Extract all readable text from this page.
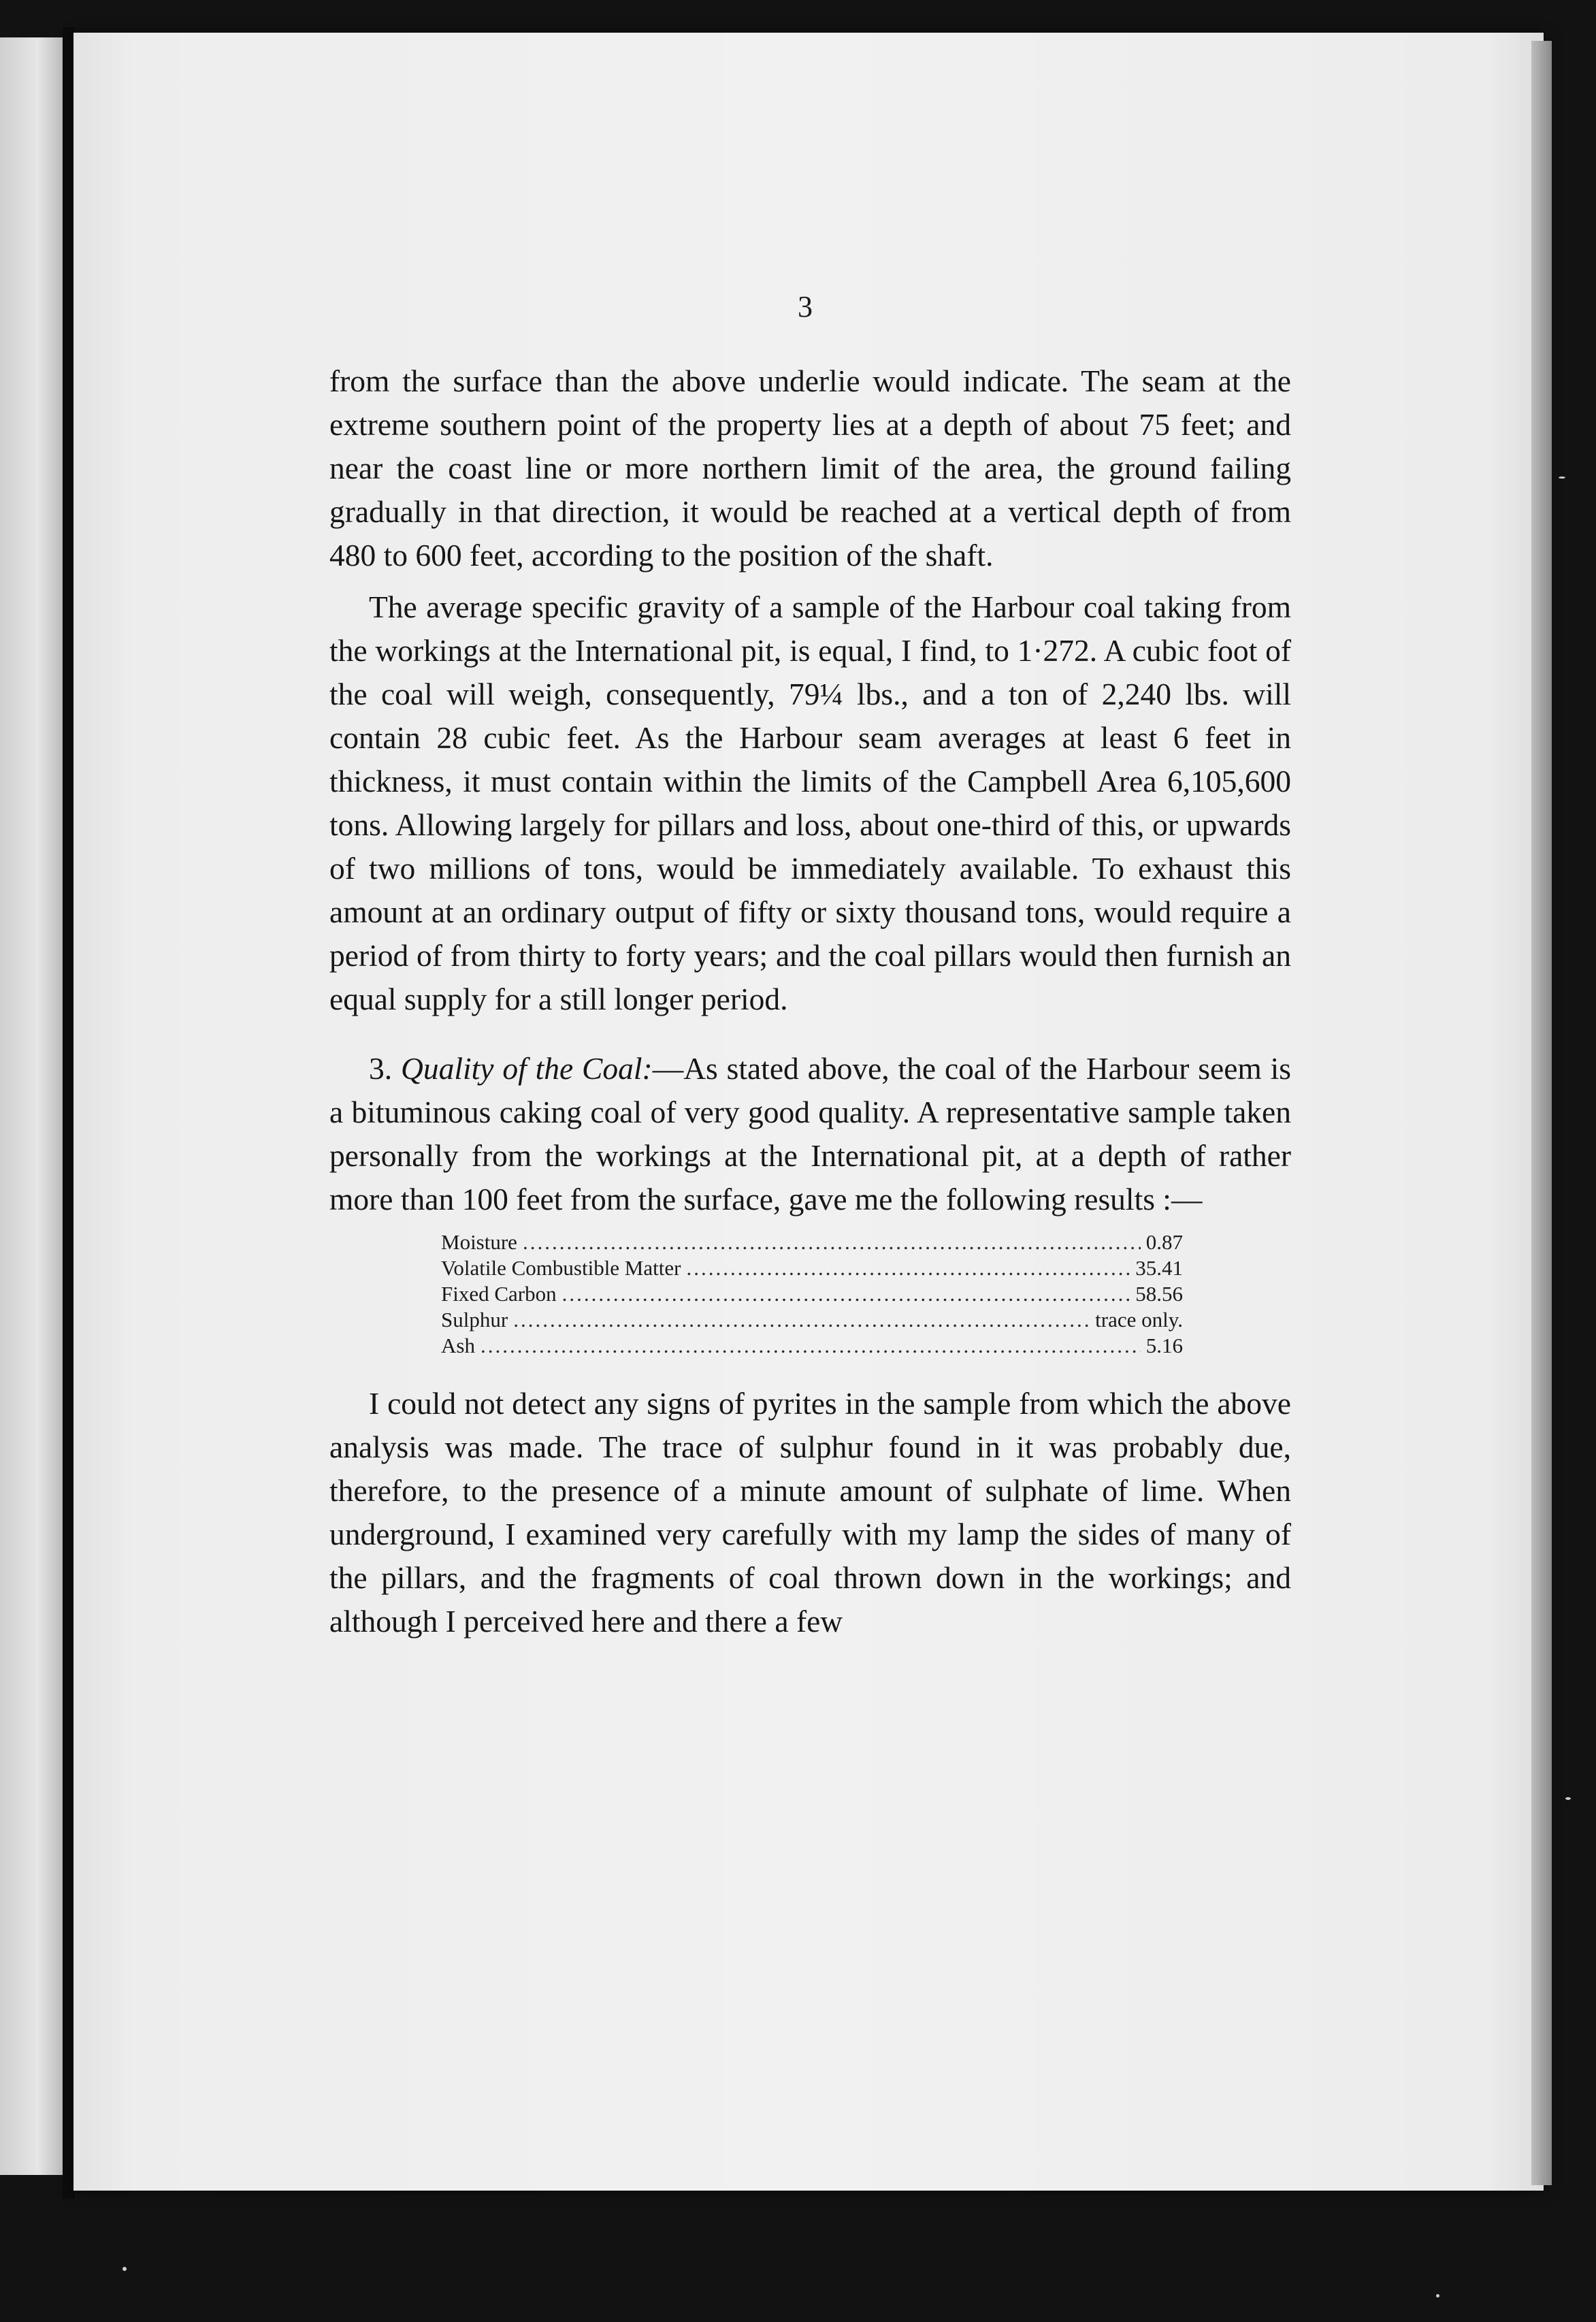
3

from the surface than the above underlie would indicate. The seam at the extreme southern point of the property lies at a depth of about 75 feet; and near the coast line or more northern limit of the area, the ground failing gradually in that direction, it would be reached at a vertical depth of from 480 to 600 feet, according to the position of the shaft.

The average specific gravity of a sample of the Harbour coal taking from the workings at the International pit, is equal, I find, to 1·272. A cubic foot of the coal will weigh, consequently, 79¼ lbs., and a ton of 2,240 lbs. will contain 28 cubic feet. As the Harbour seam averages at least 6 feet in thickness, it must contain within the limits of the Campbell Area 6,105,600 tons. Allowing largely for pillars and loss, about one-third of this, or upwards of two millions of tons, would be immediately available. To exhaust this amount at an ordinary output of fifty or sixty thousand tons, would require a period of from thirty to forty years; and the coal pillars would then furnish an equal supply for a still longer period.

3. Quality of the Coal:—As stated above, the coal of the Harbour seem is a bituminous caking coal of very good quality. A representative sample taken personally from the workings at the International pit, at a depth of rather more than 100 feet from the surface, gave me the following results :—

Moisture .....	0.87
Volatile Combustible Matter .....	35.41
Fixed Carbon .....	58.56
Sulphur .....	trace only.
Ash .....	5.16

I could not detect any signs of pyrites in the sample from which the above analysis was made. The trace of sulphur found in it was probably due, therefore, to the presence of a minute amount of sulphate of lime. When underground, I examined very carefully with my lamp the sides of many of the pillars, and the fragments of coal thrown down in the workings; and although I perceived here and there a few
